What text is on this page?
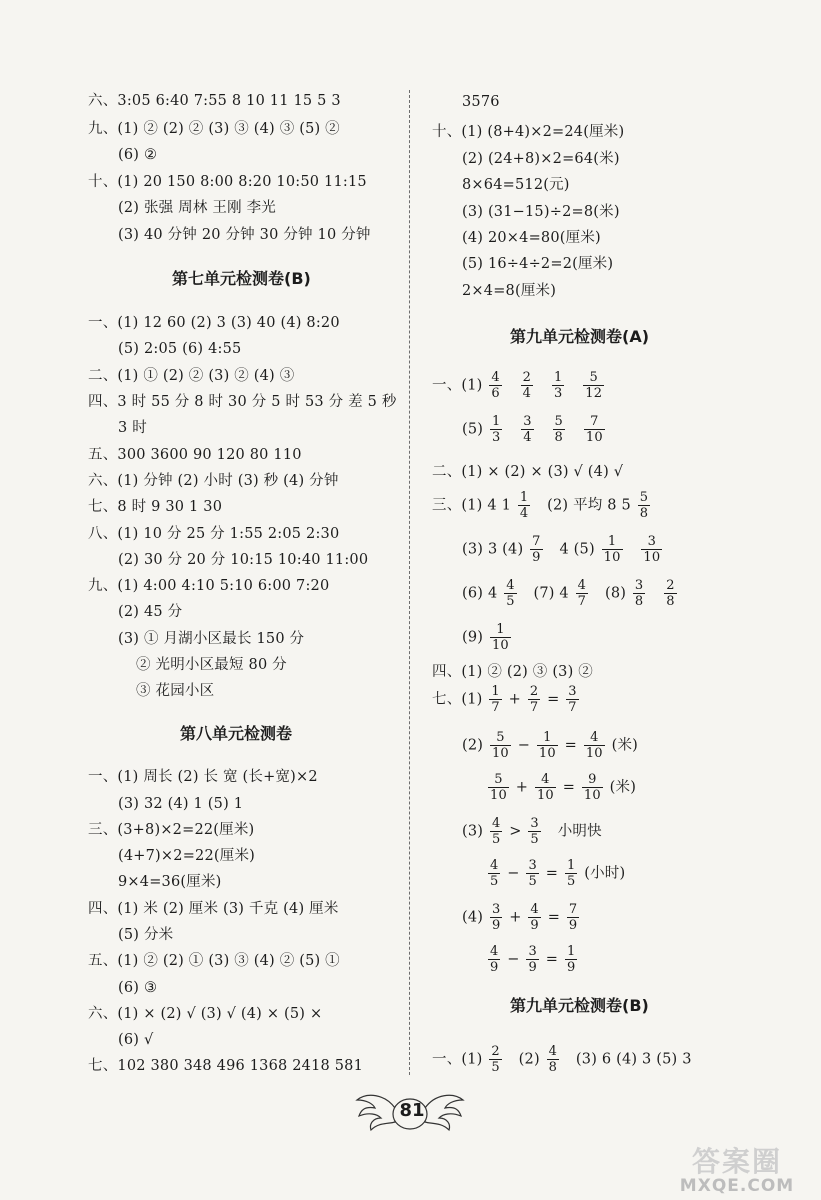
六、3:05 6:40 7:55 8 10 11 15 5 3
九、(1) ② (2) ② (3) ③ (4) ③ (5) ②
(6) ②
十、(1) 20 150 8:00 8:20 10:50 11:15
(2) 张强 周林 王刚 李光
(3) 40 分钟 20 分钟 30 分钟 10 分钟
第七单元检测卷(B)
一、(1) 12 60 (2) 3 (3) 40 (4) 8:20
(5) 2:05 (6) 4:55
二、(1) ① (2) ② (3) ② (4) ③
四、3 时 55 分 8 时 30 分 5 时 53 分 差 5 秒
3 时
五、300 3600 90 120 80 110
六、(1) 分钟 (2) 小时 (3) 秒 (4) 分钟
七、8 时 9 30 1 30
八、(1) 10 分 25 分 1:55 2:05 2:30
(2) 30 分 20 分 10:15 10:40 11:00
九、(1) 4:00 4:10 5:10 6:00 7:20
(2) 45 分
(3) ① 月湖小区最长 150 分
② 光明小区最短 80 分
③ 花园小区
第八单元检测卷
一、(1) 周长 (2) 长 宽 (长+宽)×2
(3) 32 (4) 1 (5) 1
三、(3+8)×2=22(厘米)
(4+7)×2=22(厘米)
9×4=36(厘米)
四、(1) 米 (2) 厘米 (3) 千克 (4) 厘米
(5) 分米
五、(1) ② (2) ① (3) ③ (4) ② (5) ①
(6) ③
六、(1) × (2) √ (3) √ (4) × (5) ×
(6) √
七、102 380 348 496 1368 2418 581
3576
十、(1) (8+4)×2=24(厘米)
(2) (24+8)×2=64(米)
8×64=512(元)
(3) (31−15)÷2=8(米)
(4) 20×4=80(厘米)
(5) 16÷4÷2=2(厘米)
2×4=8(厘米)
第九单元检测卷(A)
一、$(1) \frac{4}{6}$
$\frac{2}{4}$
$\frac{1}{3}$
$\frac{5}{12}$
$(5) \frac{1}{3}$
$\frac{3}{4}$
$\frac{5}{8}$
$\frac{7}{10}$
二、(1) × (2) × (3) √ (4) √
三、(1) 4 $1 \frac{1}{4} (2)$ 平均 8 $5 \frac{5}{8}$
(3) 3 $(4) \frac{7}{9} 4$ $(5) \frac{1}{10}$
$\frac{3}{10}$
(6) $4 \frac{4}{5} (7)$ $4 \frac{4}{7} (8) \frac{3}{8}$
$\frac{2}{8}$
$(9) \frac{1}{10}$
四、(1) ② (2) ③ (3) ②
七、$(1) \frac{1}{7} + \frac{2}{7} = \frac{3}{7}$
$(2) \frac{5}{10} - \frac{1}{10} = \frac{4}{10}$ (米)
$\frac{5}{10} + \frac{4}{10} = \frac{9}{10}$ (米)
$(3) \frac{4}{5} > \frac{3}{5}$ 小明快
$\frac{4}{5} - \frac{3}{5} = \frac{1}{5}$ (小时)
$(4) \frac{3}{9} + \frac{4}{9} = \frac{7}{9}$
$\frac{4}{9} - \frac{3}{9} = \frac{1}{9}$
第九单元检测卷(B)
一、$(1) \frac{2}{5} (2) \frac{4}{8} (3)$ 6 (4) 3 (5) 3
81
答案圈
MXQE.COM
